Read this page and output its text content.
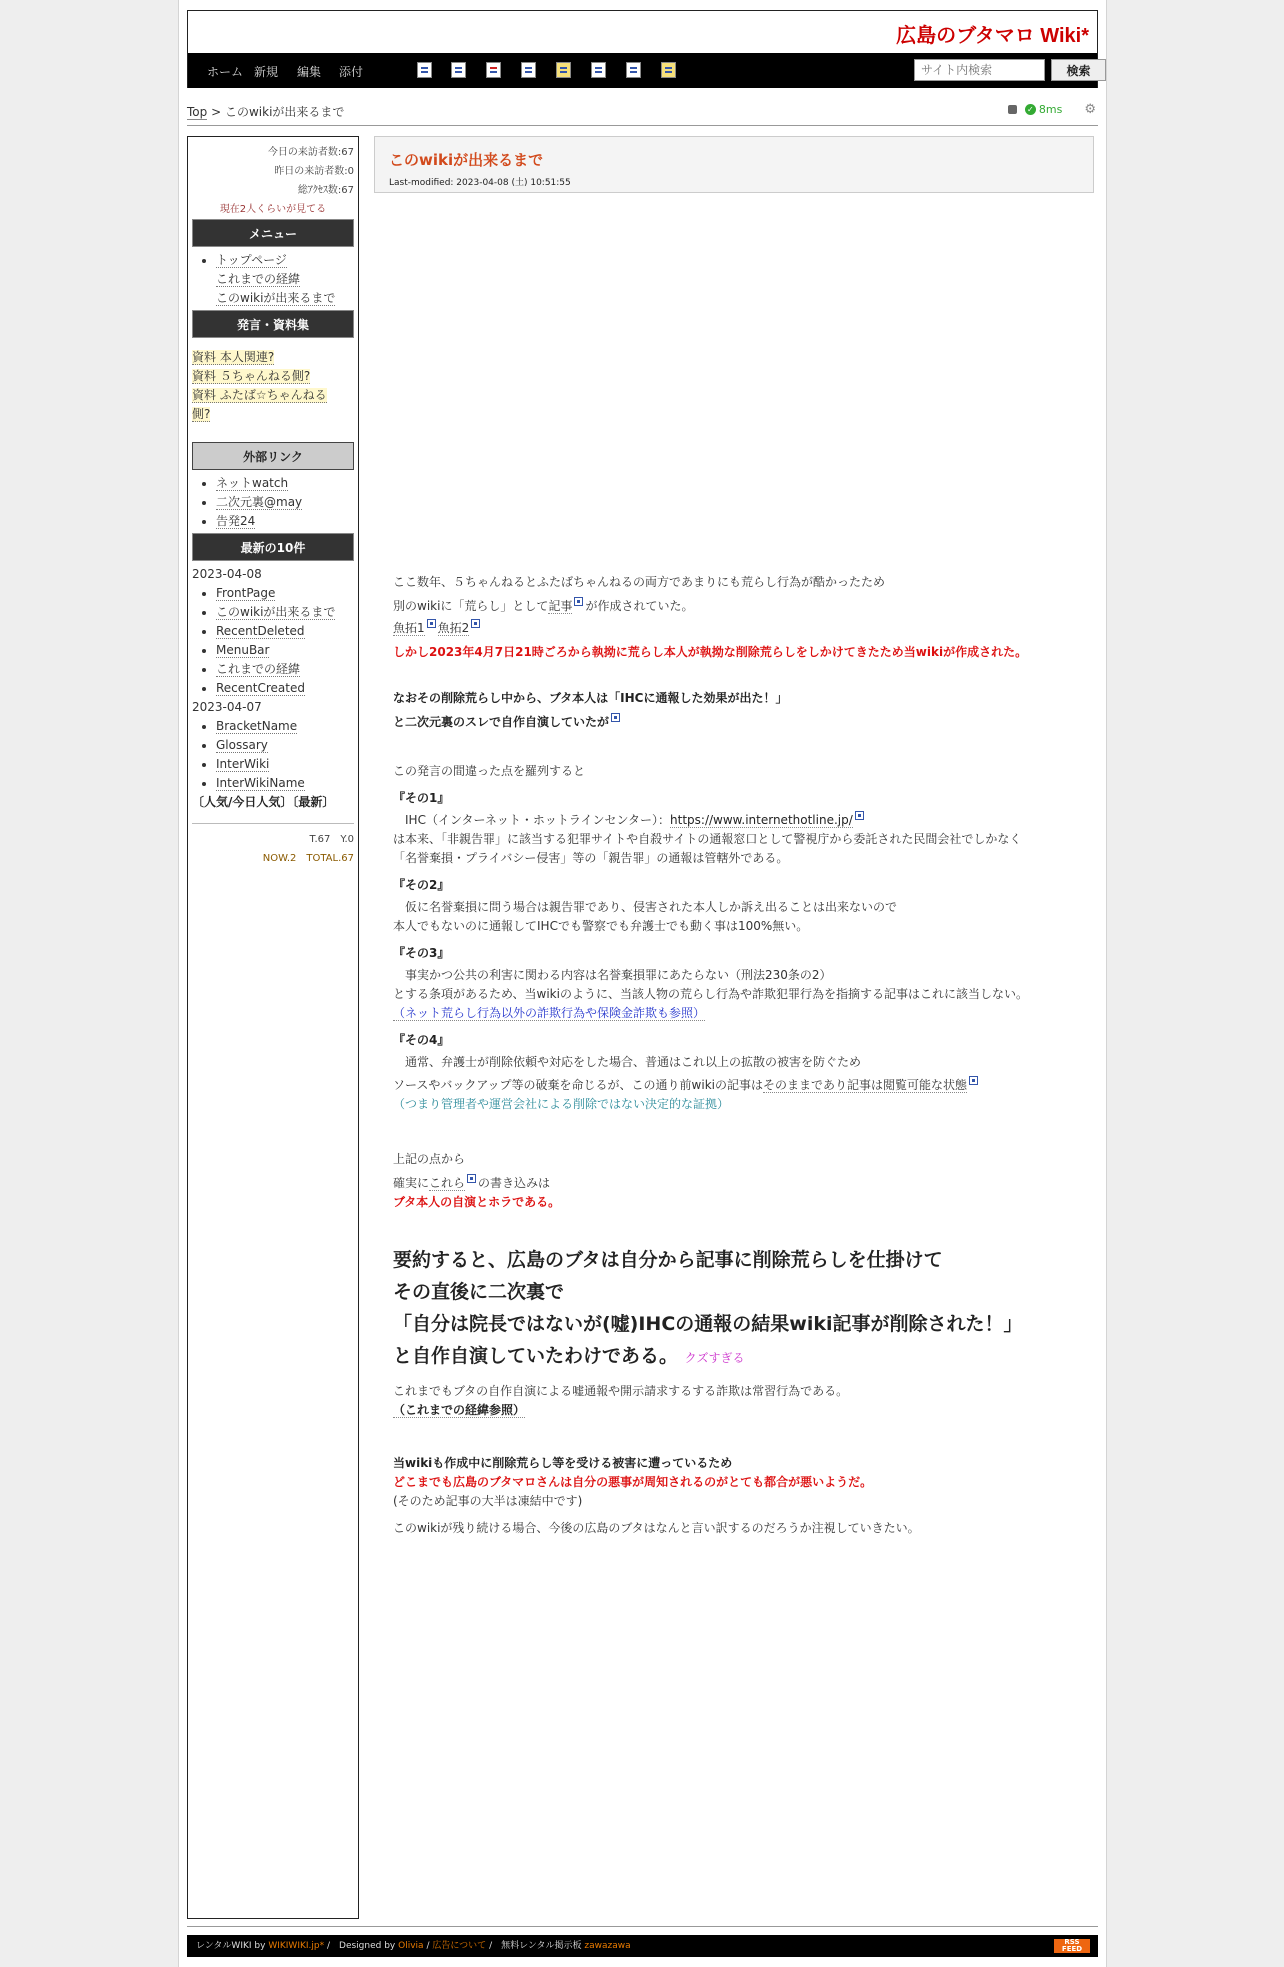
広島のブタマロ Wiki*
ホーム 新規 編集 添付
サイト内検索	検索
Top > このwikiが出来るまで	✓ 8ms ⚙
今日の来訪者数:67
昨日の来訪者数:0
総ｱｸｾｽ数:67
現在2人くらいが見てる
メニュー
• トップページ
これまでの経緯
このwikiが出来るまで
発言・資料集
資料 本人関連?
資料 ５ちゃんねる側?
資料 ふたば☆ちゃんねる
側?
外部リンク
• ネットwatch
• 二次元裏@may
• 告発24
最新の10件
2023-04-08
• FrontPage
• このwikiが出来るまで
• RecentDeleted
• MenuBar
• これまでの経緯
• RecentCreated
2023-04-07
• BracketName
• Glossary
• InterWiki
• InterWikiName
〔人気/今日人気〕〔最新〕
T.67　Y.0
NOW.2　TOTAL.67
このwikiが出来るまで
Last-modified: 2023-04-08 (土) 10:51:55
ここ数年、５ちゃんねるとふたばちゃんねるの両方であまりにも荒らし行為が酷かったため
別のwikiに「荒らし」として記事 が作成されていた。
魚拓1 魚拓2
しかし2023年4月7日21時ごろから執拗に荒らし本人が執拗な削除荒らしをしかけてきたため当wikiが作成された。
なおその削除荒らし中から、ブタ本人は「IHCに通報した効果が出た！」
と二次元裏のスレで自作自演していたが
この発言の間違った点を羅列すると
『その1』
　IHC（インターネット・ホットラインセンター）：https://www.internethotline.jp/
は本来、「非親告罪」に該当する犯罪サイトや自殺サイトの通報窓口として警視庁から委託された民間会社でしかなく
「名誉棄損・プライバシー侵害」等の「親告罪」の通報は管轄外である。
『その2』
　仮に名誉棄損に問う場合は親告罪であり、侵害された本人しか訴え出ることは出来ないので
本人でもないのに通報してIHCでも警察でも弁護士でも動く事は100%無い。
『その3』
　事実かつ公共の利害に関わる内容は名誉棄損罪にあたらない（刑法230条の2）
とする条項があるため、当wikiのように、当該人物の荒らし行為や詐欺犯罪行為を指摘する記事はこれに該当しない。
（ネット荒らし行為以外の詐欺行為や保険金詐欺も参照）
『その4』
　通常、弁護士が削除依頼や対応をした場合、普通はこれ以上の拡散の被害を防ぐため
ソースやバックアップ等の破棄を命じるが、この通り前wikiの記事はそのままであり記事は閲覧可能な状態
（つまり管理者や運営会社による削除ではない決定的な証拠）
上記の点から
確実にこれら の書き込みは
ブタ本人の自演とホラである。
要約すると、広島のブタは自分から記事に削除荒らしを仕掛けて
その直後に二次裏で
「自分は院長ではないが(嘘)IHCの通報の結果wiki記事が削除された！」
と自作自演していたわけである。 クズすぎる
これまでもブタの自作自演による嘘通報や開示請求するする詐欺は常習行為である。
（これまでの経緯参照）
当wikiも作成中に削除荒らし等を受ける被害に遭っているため
どこまでも広島のブタマロさんは自分の悪事が周知されるのがとても都合が悪いようだ。
(そのため記事の大半は凍結中です)
このwikiが残り続ける場合、今後の広島のブタはなんと言い訳するのだろうか注視していきたい。
レンタルWIKI by WIKIWIKI.jp* /　Designed by Olivia / 広告について /　無料レンタル掲示板 zawazawa	RSS FEED
